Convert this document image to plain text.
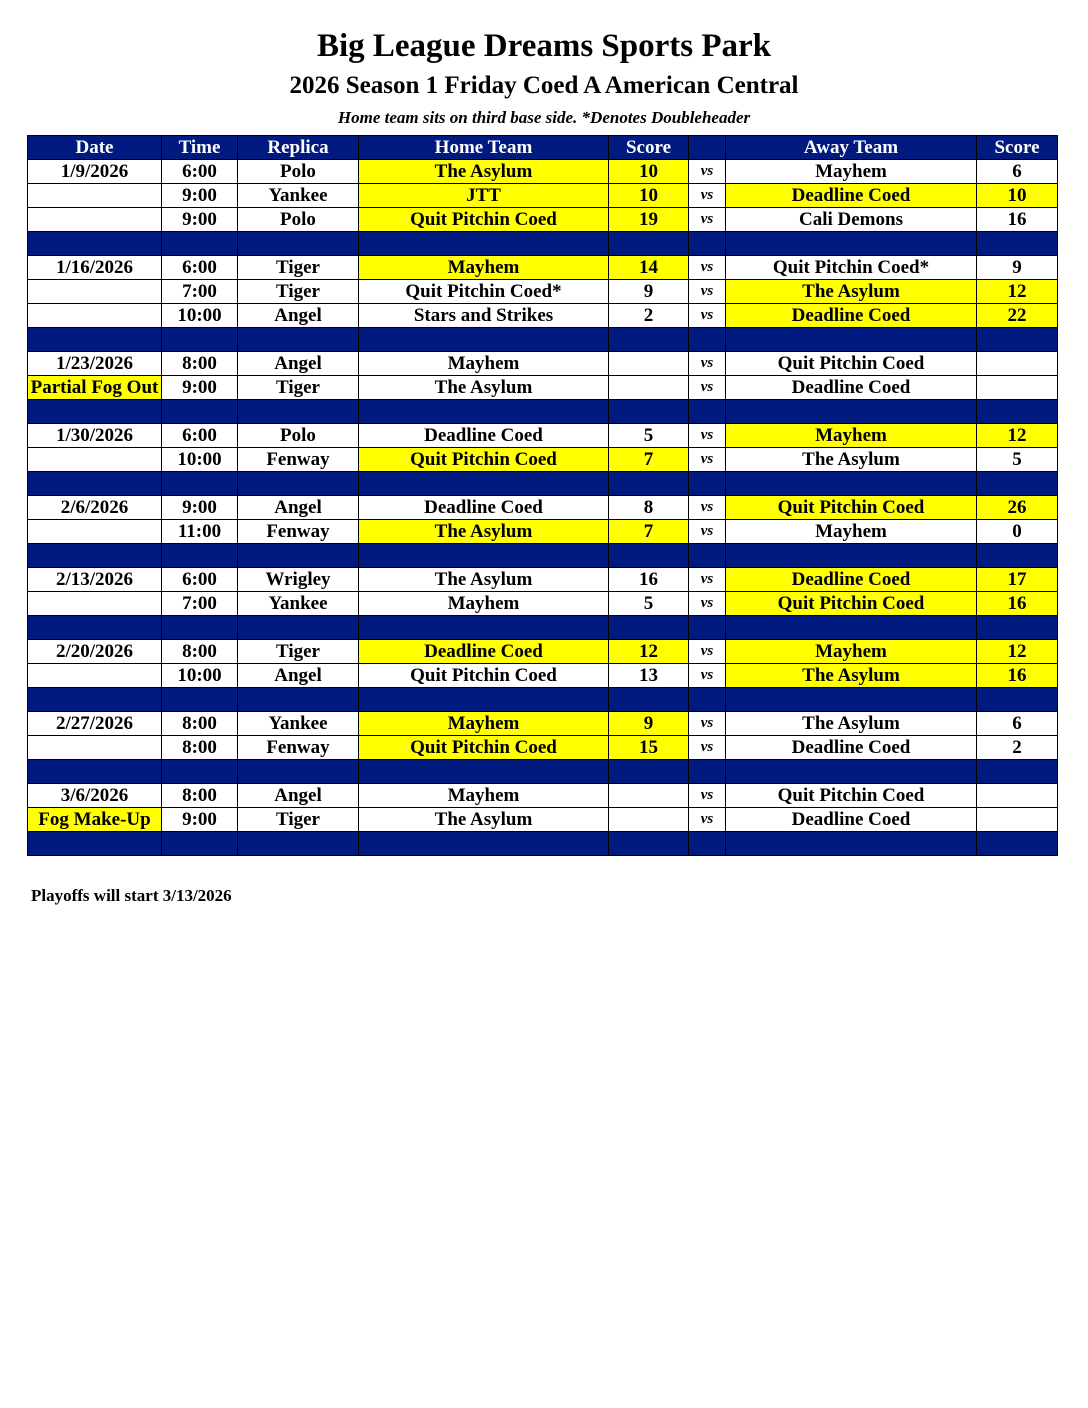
Big League Dreams Sports Park
2026 Season 1 Friday Coed A American Central

Home team sits on third base side. *Denotes Doubleheader

Date	Time	Replica	Home Team	Score		Away Team	Score
1/9/2026	6:00	Polo	The Asylum	10	vs	Mayhem	6
	9:00	Yankee	JTT	10	vs	Deadline Coed	10
	9:00	Polo	Quit Pitchin Coed	19	vs	Cali Demons	16

1/16/2026	6:00	Tiger	Mayhem	14	vs	Quit Pitchin Coed*	9
	7:00	Tiger	Quit Pitchin Coed*	9	vs	The Asylum	12
	10:00	Angel	Stars and Strikes	2	vs	Deadline Coed	22

1/23/2026	8:00	Angel	Mayhem		vs	Quit Pitchin Coed	
Partial Fog Out	9:00	Tiger	The Asylum		vs	Deadline Coed	

1/30/2026	6:00	Polo	Deadline Coed	5	vs	Mayhem	12
	10:00	Fenway	Quit Pitchin Coed	7	vs	The Asylum	5

2/6/2026	9:00	Angel	Deadline Coed	8	vs	Quit Pitchin Coed	26
	11:00	Fenway	The Asylum	7	vs	Mayhem	0

2/13/2026	6:00	Wrigley	The Asylum	16	vs	Deadline Coed	17
	7:00	Yankee	Mayhem	5	vs	Quit Pitchin Coed	16

2/20/2026	8:00	Tiger	Deadline Coed	12	vs	Mayhem	12
	10:00	Angel	Quit Pitchin Coed	13	vs	The Asylum	16

2/27/2026	8:00	Yankee	Mayhem	9	vs	The Asylum	6
	8:00	Fenway	Quit Pitchin Coed	15	vs	Deadline Coed	2

3/6/2026	8:00	Angel	Mayhem		vs	Quit Pitchin Coed	
Fog Make-Up	9:00	Tiger	The Asylum		vs	Deadline Coed	

Playoffs will start 3/13/2026
